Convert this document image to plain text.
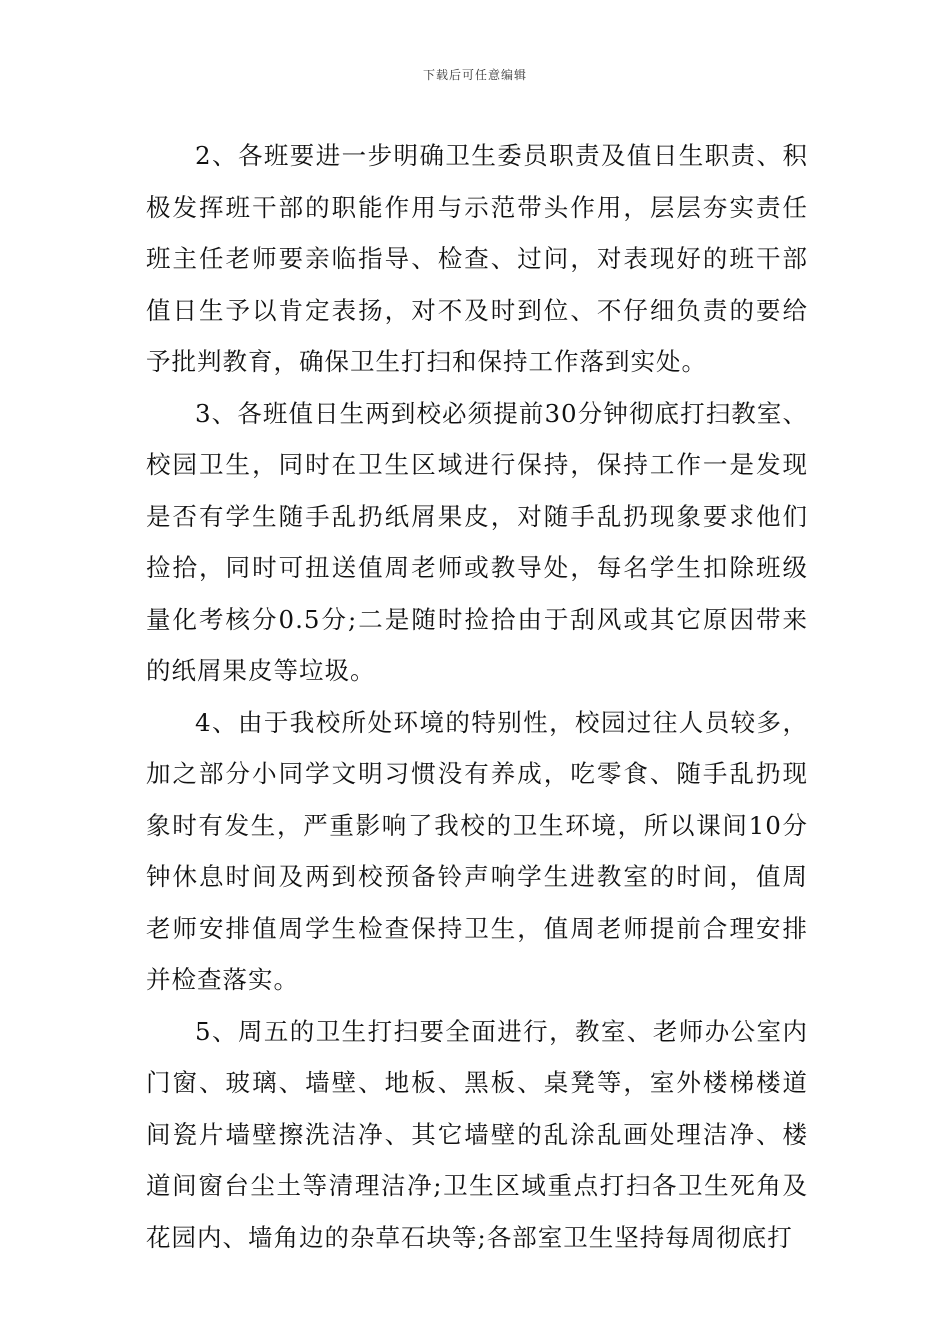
下载后可任意编辑

2、各班要进一步明确卫生委员职责及值日生职责、积极发挥班干部的职能作用与示范带头作用，层层夯实责任班主任老师要亲临指导、检查、过问，对表现好的班干部值日生予以肯定表扬，对不及时到位、不仔细负责的要给予批判教育，确保卫生打扫和保持工作落到实处。

3、各班值日生两到校必须提前30分钟彻底打扫教室、校园卫生，同时在卫生区域进行保持，保持工作一是发现是否有学生随手乱扔纸屑果皮，对随手乱扔现象要求他们捡拾，同时可扭送值周老师或教导处，每名学生扣除班级量化考核分0.5分;二是随时捡拾由于刮风或其它原因带来的纸屑果皮等垃圾。

4、由于我校所处环境的特别性，校园过往人员较多，加之部分小同学文明习惯没有养成，吃零食、随手乱扔现象时有发生，严重影响了我校的卫生环境，所以课间10分钟休息时间及两到校预备铃声响学生进教室的时间，值周老师安排值周学生检查保持卫生，值周老师提前合理安排并检查落实。

5、周五的卫生打扫要全面进行，教室、老师办公室内门窗、玻璃、墙壁、地板、黑板、桌凳等，室外楼梯楼道间瓷片墙壁擦洗洁净、其它墙壁的乱涂乱画处理洁净、楼道间窗台尘土等清理洁净;卫生区域重点打扫各卫生死角及花园内、墙角边的杂草石块等;各部室卫生坚持每周彻底打
